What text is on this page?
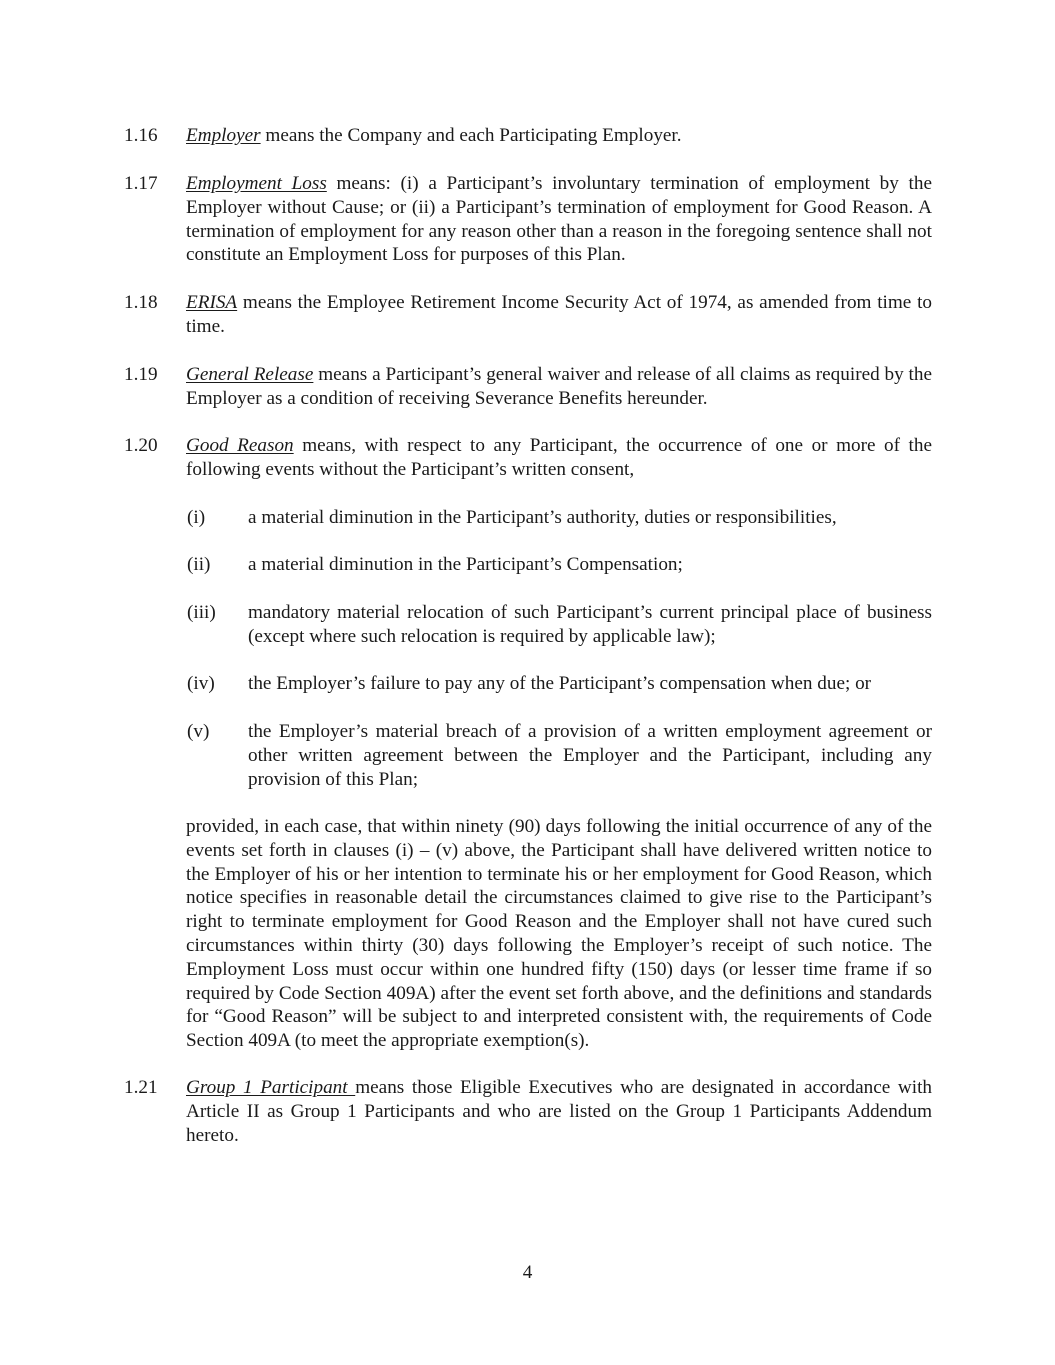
1.16 Employer means the Company and each Participating Employer.
1.17 Employment Loss means: (i) a Participant’s involuntary termination of employment by the Employer without Cause; or (ii) a Participant’s termination of employment for Good Reason. A termination of employment for any reason other than a reason in the foregoing sentence shall not constitute an Employment Loss for purposes of this Plan.
1.18 ERISA means the Employee Retirement Income Security Act of 1974, as amended from time to time.
1.19 General Release means a Participant’s general waiver and release of all claims as required by the Employer as a condition of receiving Severance Benefits hereunder.
1.20 Good Reason means, with respect to any Participant, the occurrence of one or more of the following events without the Participant’s written consent,
(i) a material diminution in the Participant’s authority, duties or responsibilities,
(ii) a material diminution in the Participant’s Compensation;
(iii) mandatory material relocation of such Participant’s current principal place of business (except where such relocation is required by applicable law);
(iv) the Employer’s failure to pay any of the Participant’s compensation when due; or
(v) the Employer’s material breach of a provision of a written employment agreement or other written agreement between the Employer and the Participant, including any provision of this Plan;
provided, in each case, that within ninety (90) days following the initial occurrence of any of the events set forth in clauses (i) – (v) above, the Participant shall have delivered written notice to the Employer of his or her intention to terminate his or her employment for Good Reason, which notice specifies in reasonable detail the circumstances claimed to give rise to the Participant’s right to terminate employment for Good Reason and the Employer shall not have cured such circumstances within thirty (30) days following the Employer’s receipt of such notice. The Employment Loss must occur within one hundred fifty (150) days (or lesser time frame if so required by Code Section 409A) after the event set forth above, and the definitions and standards for “Good Reason” will be subject to and interpreted consistent with, the requirements of Code Section 409A (to meet the appropriate exemption(s).
1.21 Group 1 Participant means those Eligible Executives who are designated in accordance with Article II as Group 1 Participants and who are listed on the Group 1 Participants Addendum hereto.
4
